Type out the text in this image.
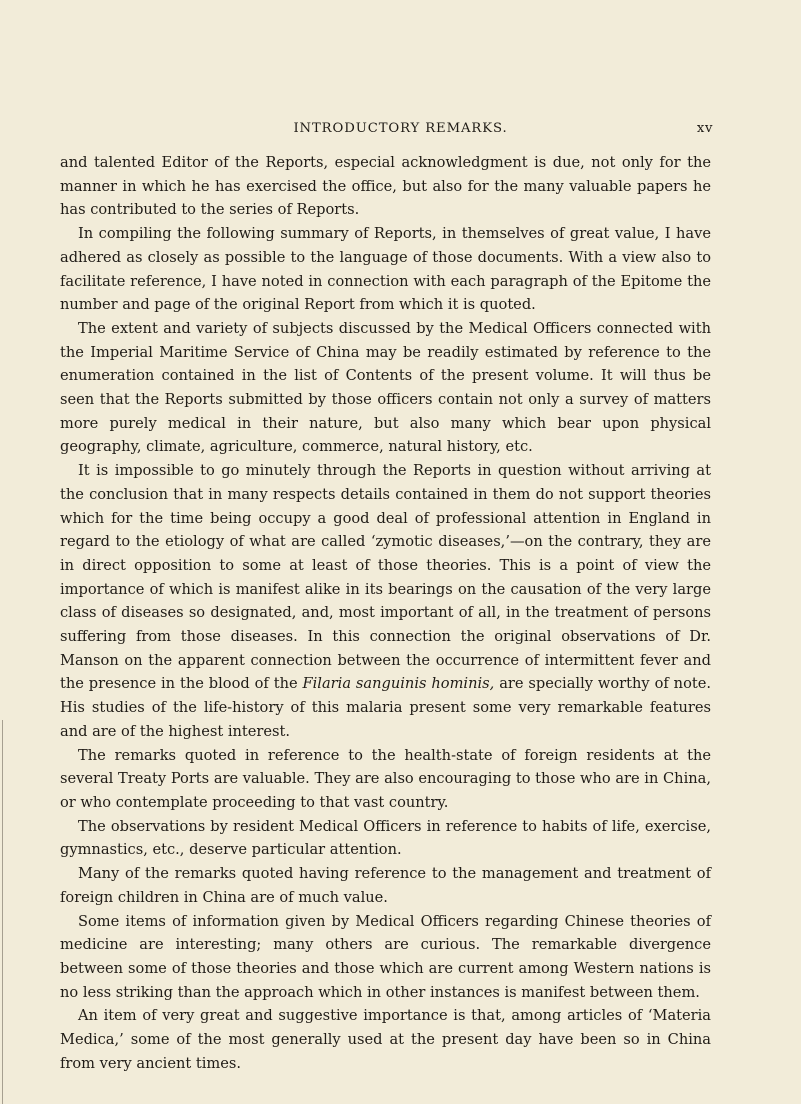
INTRODUCTORY REMARKS.	xv

and talented Editor of the Reports, especial acknowledgment is due, not only for the manner in which he has exercised the office, but also for the many valuable papers he has contributed to the series of Reports.

In compiling the following summary of Reports, in themselves of great value, I have adhered as closely as possible to the language of those documents. With a view also to facilitate reference, I have noted in connection with each paragraph of the Epitome the number and page of the original Report from which it is quoted.

The extent and variety of subjects discussed by the Medical Officers connected with the Imperial Maritime Service of China may be readily estimated by reference to the enumeration contained in the list of Contents of the present volume. It will thus be seen that the Reports submitted by those officers contain not only a survey of matters more purely medical in their nature, but also many which bear upon physical geography, climate, agriculture, commerce, natural history, etc.

It is impossible to go minutely through the Reports in question without arriving at the conclusion that in many respects details contained in them do not support theories which for the time being occupy a good deal of professional attention in England in regard to the etiology of what are called ‘zymotic diseases,’—on the contrary, they are in direct opposition to some at least of those theories. This is a point of view the importance of which is manifest alike in its bearings on the causation of the very large class of diseases so designated, and, most important of all, in the treatment of persons suffering from those diseases. In this connection the original observations of Dr. Manson on the apparent connection between the occurrence of intermittent fever and the presence in the blood of the Filaria sanguinis hominis, are specially worthy of note. His studies of the life-history of this malaria present some very remarkable features and are of the highest interest.

The remarks quoted in reference to the health-state of foreign residents at the several Treaty Ports are valuable. They are also encouraging to those who are in China, or who contemplate proceeding to that vast country.

The observations by resident Medical Officers in reference to habits of life, exercise, gymnastics, etc., deserve particular attention.

Many of the remarks quoted having reference to the management and treatment of foreign children in China are of much value.

Some items of information given by Medical Officers regarding Chinese theories of medicine are interesting; many others are curious. The remarkable divergence between some of those theories and those which are current among Western nations is no less striking than the approach which in other instances is manifest between them.

An item of very great and suggestive importance is that, among articles of ‘Materia Medica,’ some of the most generally used at the present day have been so in China from very ancient times.
